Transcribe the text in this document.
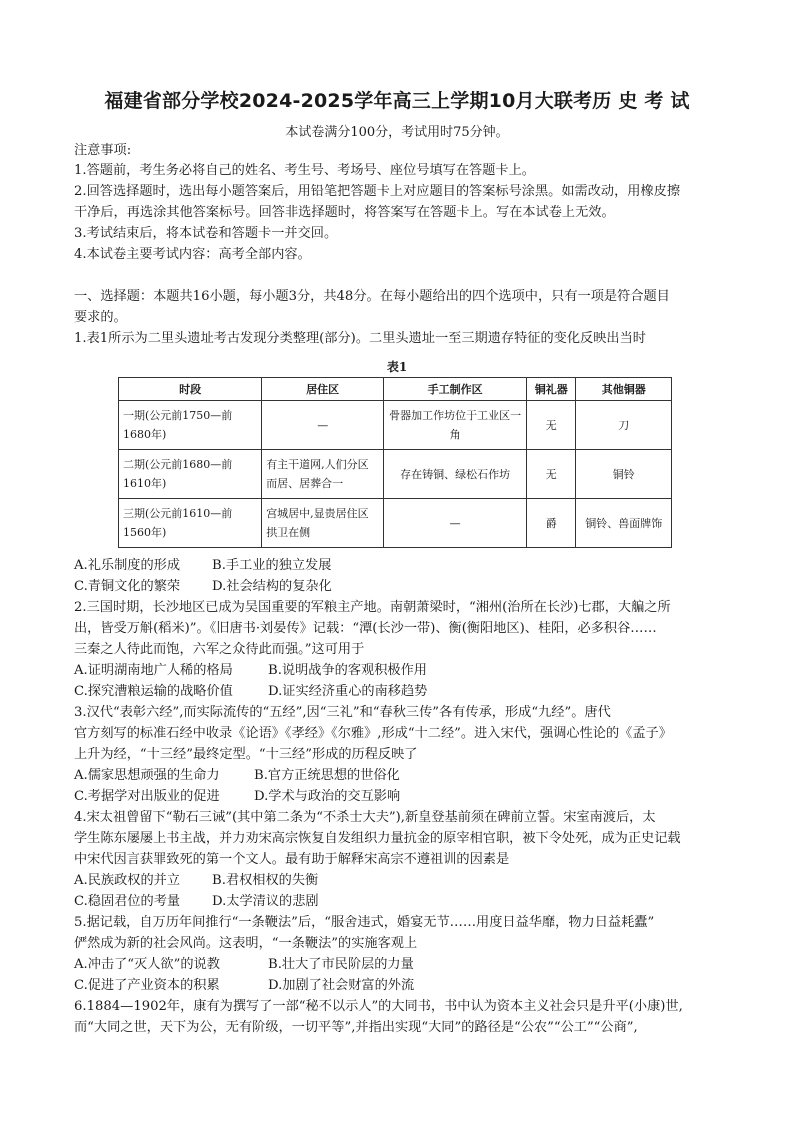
福建省部分学校2024-2025学年高三上学期10月大联考历 史 考 试
本试卷满分100分，考试用时75分钟。
注意事项:
1.答题前，考生务必将自己的姓名、考生号、考场号、座位号填写在答题卡上。
2.回答选择题时，选出每小题答案后，用铅笔把答题卡上对应题目的答案标号涂黑。如需改动，用橡皮擦
干净后，再选涂其他答案标号。回答非选择题时，将答案写在答题卡上。写在本试卷上无效。
3.考试结束后，将本试卷和答题卡一并交回。
4.本试卷主要考试内容：高考全部内容。
一、选择题：本题共16小题，每小题3分，共48分。在每小题给出的四个选项中，只有一项是符合题目
要求的。
1.表1所示为二里头遗址考古发现分类整理(部分)。二里头遗址一至三期遗存特征的变化反映出当时
表1
时段	居住区	手工制作区	铜礼器	其他铜器
一期(公元前1750—前1680年)	—	骨器加工作坊位于工业区一角	无	刀
二期(公元前1680—前1610年)	有主干道网,人们分区而居、居葬合一	存在铸铜、绿松石作坊	无	铜铃
三期(公元前1610—前1560年)	宫城居中,显贵居住区拱卫在侧	—	爵	铜铃、兽面牌饰
A.礼乐制度的形成 B.手工业的独立发展
C.青铜文化的繁荣 D.社会结构的复杂化
2.三国时期，长沙地区已成为吴国重要的军粮主产地。南朝萧梁时，“湘州(治所在长沙)七郡，大艑之所
出，皆受万斛(稻米)”。《旧唐书·刘晏传》记载：“潭(长沙一带)、衡(衡阳地区)、桂阳，必多积谷……
三秦之人待此而饱，六军之众待此而强。”这可用于
A.证明湖南地广人稀的格局	B.说明战争的客观积极作用
C.探究漕粮运输的战略价值	D.证实经济重心的南移趋势
3.汉代“表彰六经”,而实际流传的“五经”,因“三礼”和“春秋三传”各有传承，形成“九经”。唐代
官方刻写的标准石经中收录《论语》《孝经》《尔雅》,形成“十二经”。进入宋代，强调心性论的《孟子》
上升为经，“十三经”最终定型。“十三经”形成的历程反映了
A.儒家思想顽强的生命力	B.官方正统思想的世俗化
C.考据学对出版业的促进	D.学术与政治的交互影响
4.宋太祖曾留下“勒石三诫”(其中第二条为“不杀士大夫”),新皇登基前须在碑前立誓。宋室南渡后，太
学生陈东屡屡上书主战，并力劝宋高宗恢复自发组织力量抗金的原宰相官职，被下令处死，成为正史记载
中宋代因言获罪致死的第一个文人。最有助于解释宋高宗不遵祖训的因素是
A.民族政权的并立 B.君权相权的失衡
C.稳固君位的考量 D.太学清议的悲剧
5.据记载，自万历年间推行“一条鞭法”后，“服舍违式，婚宴无节……用度日益华靡，物力日益耗蠹”
俨然成为新的社会风尚。这表明，“一条鞭法”的实施客观上
A.冲击了“灭人欲”的说教	B.壮大了市民阶层的力量
C.促进了产业资本的积累	D.加剧了社会财富的外流
6.1884—1902年，康有为撰写了一部“秘不以示人”的大同书，书中认为资本主义社会只是升平(小康)世,
而“大同之世，天下为公，无有阶级，一切平等”,并指出实现“大同”的路径是“公农”“公工”“公商”,
